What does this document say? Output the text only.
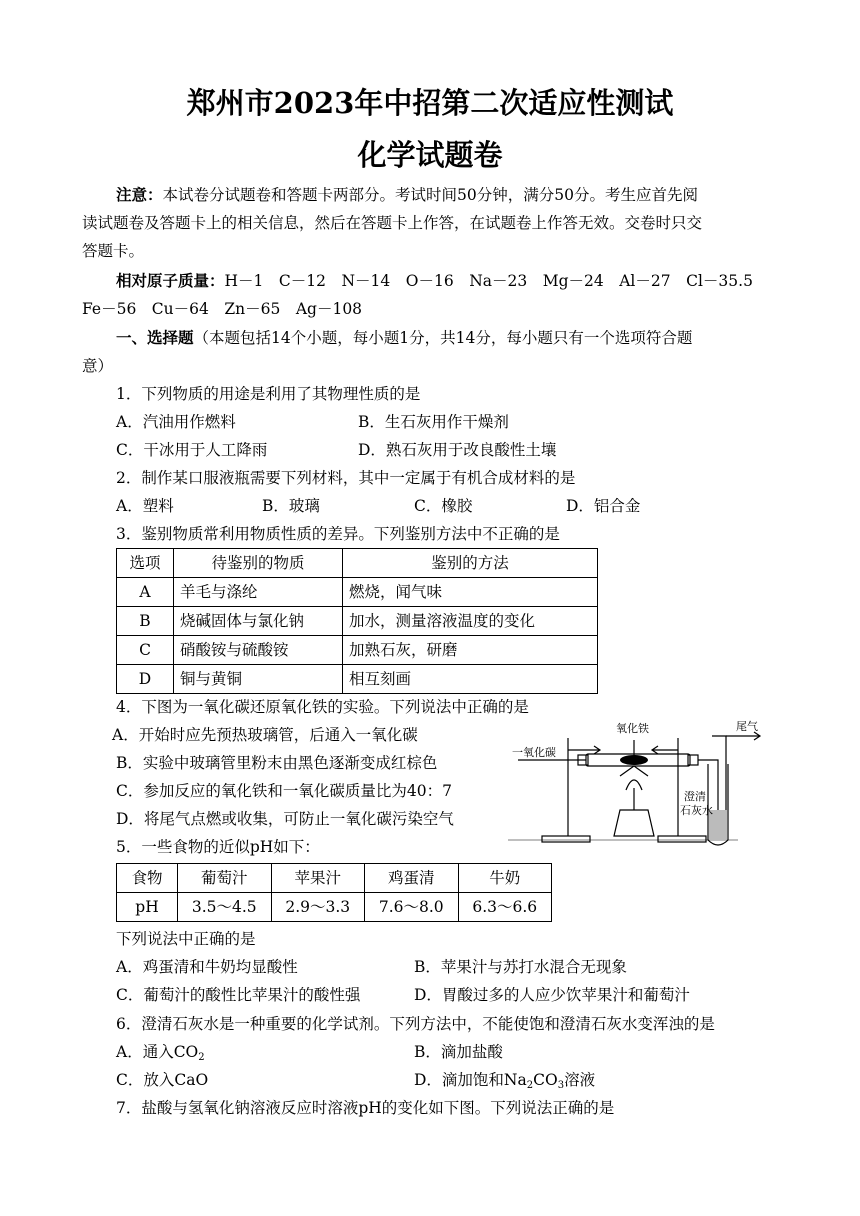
郑州市2023年中招第二次适应性测试
化学试题卷
注意：本试卷分试题卷和答题卡两部分。考试时间50分钟，满分50分。考生应首先阅
读试题卷及答题卡上的相关信息，然后在答题卡上作答，在试题卷上作答无效。交卷时只交
答题卡。
相对原子质量：H－1　C－12　N－14　O－16　Na－23　Mg－24　Al－27　Cl－35.5
Fe－56　Cu－64　Zn－65　Ag－108
一、选择题（本题包括14个小题，每小题1分，共14分，每小题只有一个选项符合题
意）
1．下列物质的用途是利用了其物理性质的是
A．汽油用作燃料	B．生石灰用作干燥剂
C．干冰用于人工降雨	D．熟石灰用于改良酸性土壤
2．制作某口服液瓶需要下列材料，其中一定属于有机合成材料的是
A．塑料	B．玻璃	C．橡胶	D．铝合金
3．鉴别物质常利用物质性质的差异。下列鉴别方法中不正确的是
选项	待鉴别的物质	鉴别的方法
A	羊毛与涤纶	燃烧，闻气味
B	烧碱固体与氯化钠	加水，测量溶液温度的变化
C	硝酸铵与硫酸铵	加熟石灰，研磨
D	铜与黄铜	相互刻画
4．下图为一氧化碳还原氧化铁的实验。下列说法中正确的是
A．开始时应先预热玻璃管，后通入一氧化碳
B．实验中玻璃管里粉末由黑色逐渐变成红棕色
C．参加反应的氧化铁和一氧化碳质量比为40：7
D．将尾气点燃或收集，可防止一氧化碳污染空气
一氧化碳
氧化铁	尾气
澄清
石灰水
5．一些食物的近似pH如下：
食物	葡萄汁	苹果汁	鸡蛋清	牛奶
pH	3.5～4.5	2.9～3.3	7.6～8.0	6.3～6.6
下列说法中正确的是
A．鸡蛋清和牛奶均显酸性	B．苹果汁与苏打水混合无现象
C．葡萄汁的酸性比苹果汁的酸性强	D．胃酸过多的人应少饮苹果汁和葡萄汁
6．澄清石灰水是一种重要的化学试剂。下列方法中，不能使饱和澄清石灰水变浑浊的是
A．通入$CO_2$	B．滴加盐酸
C．放入CaO	D．滴加饱和$Na_2CO_3$溶液
7．盐酸与氢氧化钠溶液反应时溶液pH的变化如下图。下列说法正确的是
